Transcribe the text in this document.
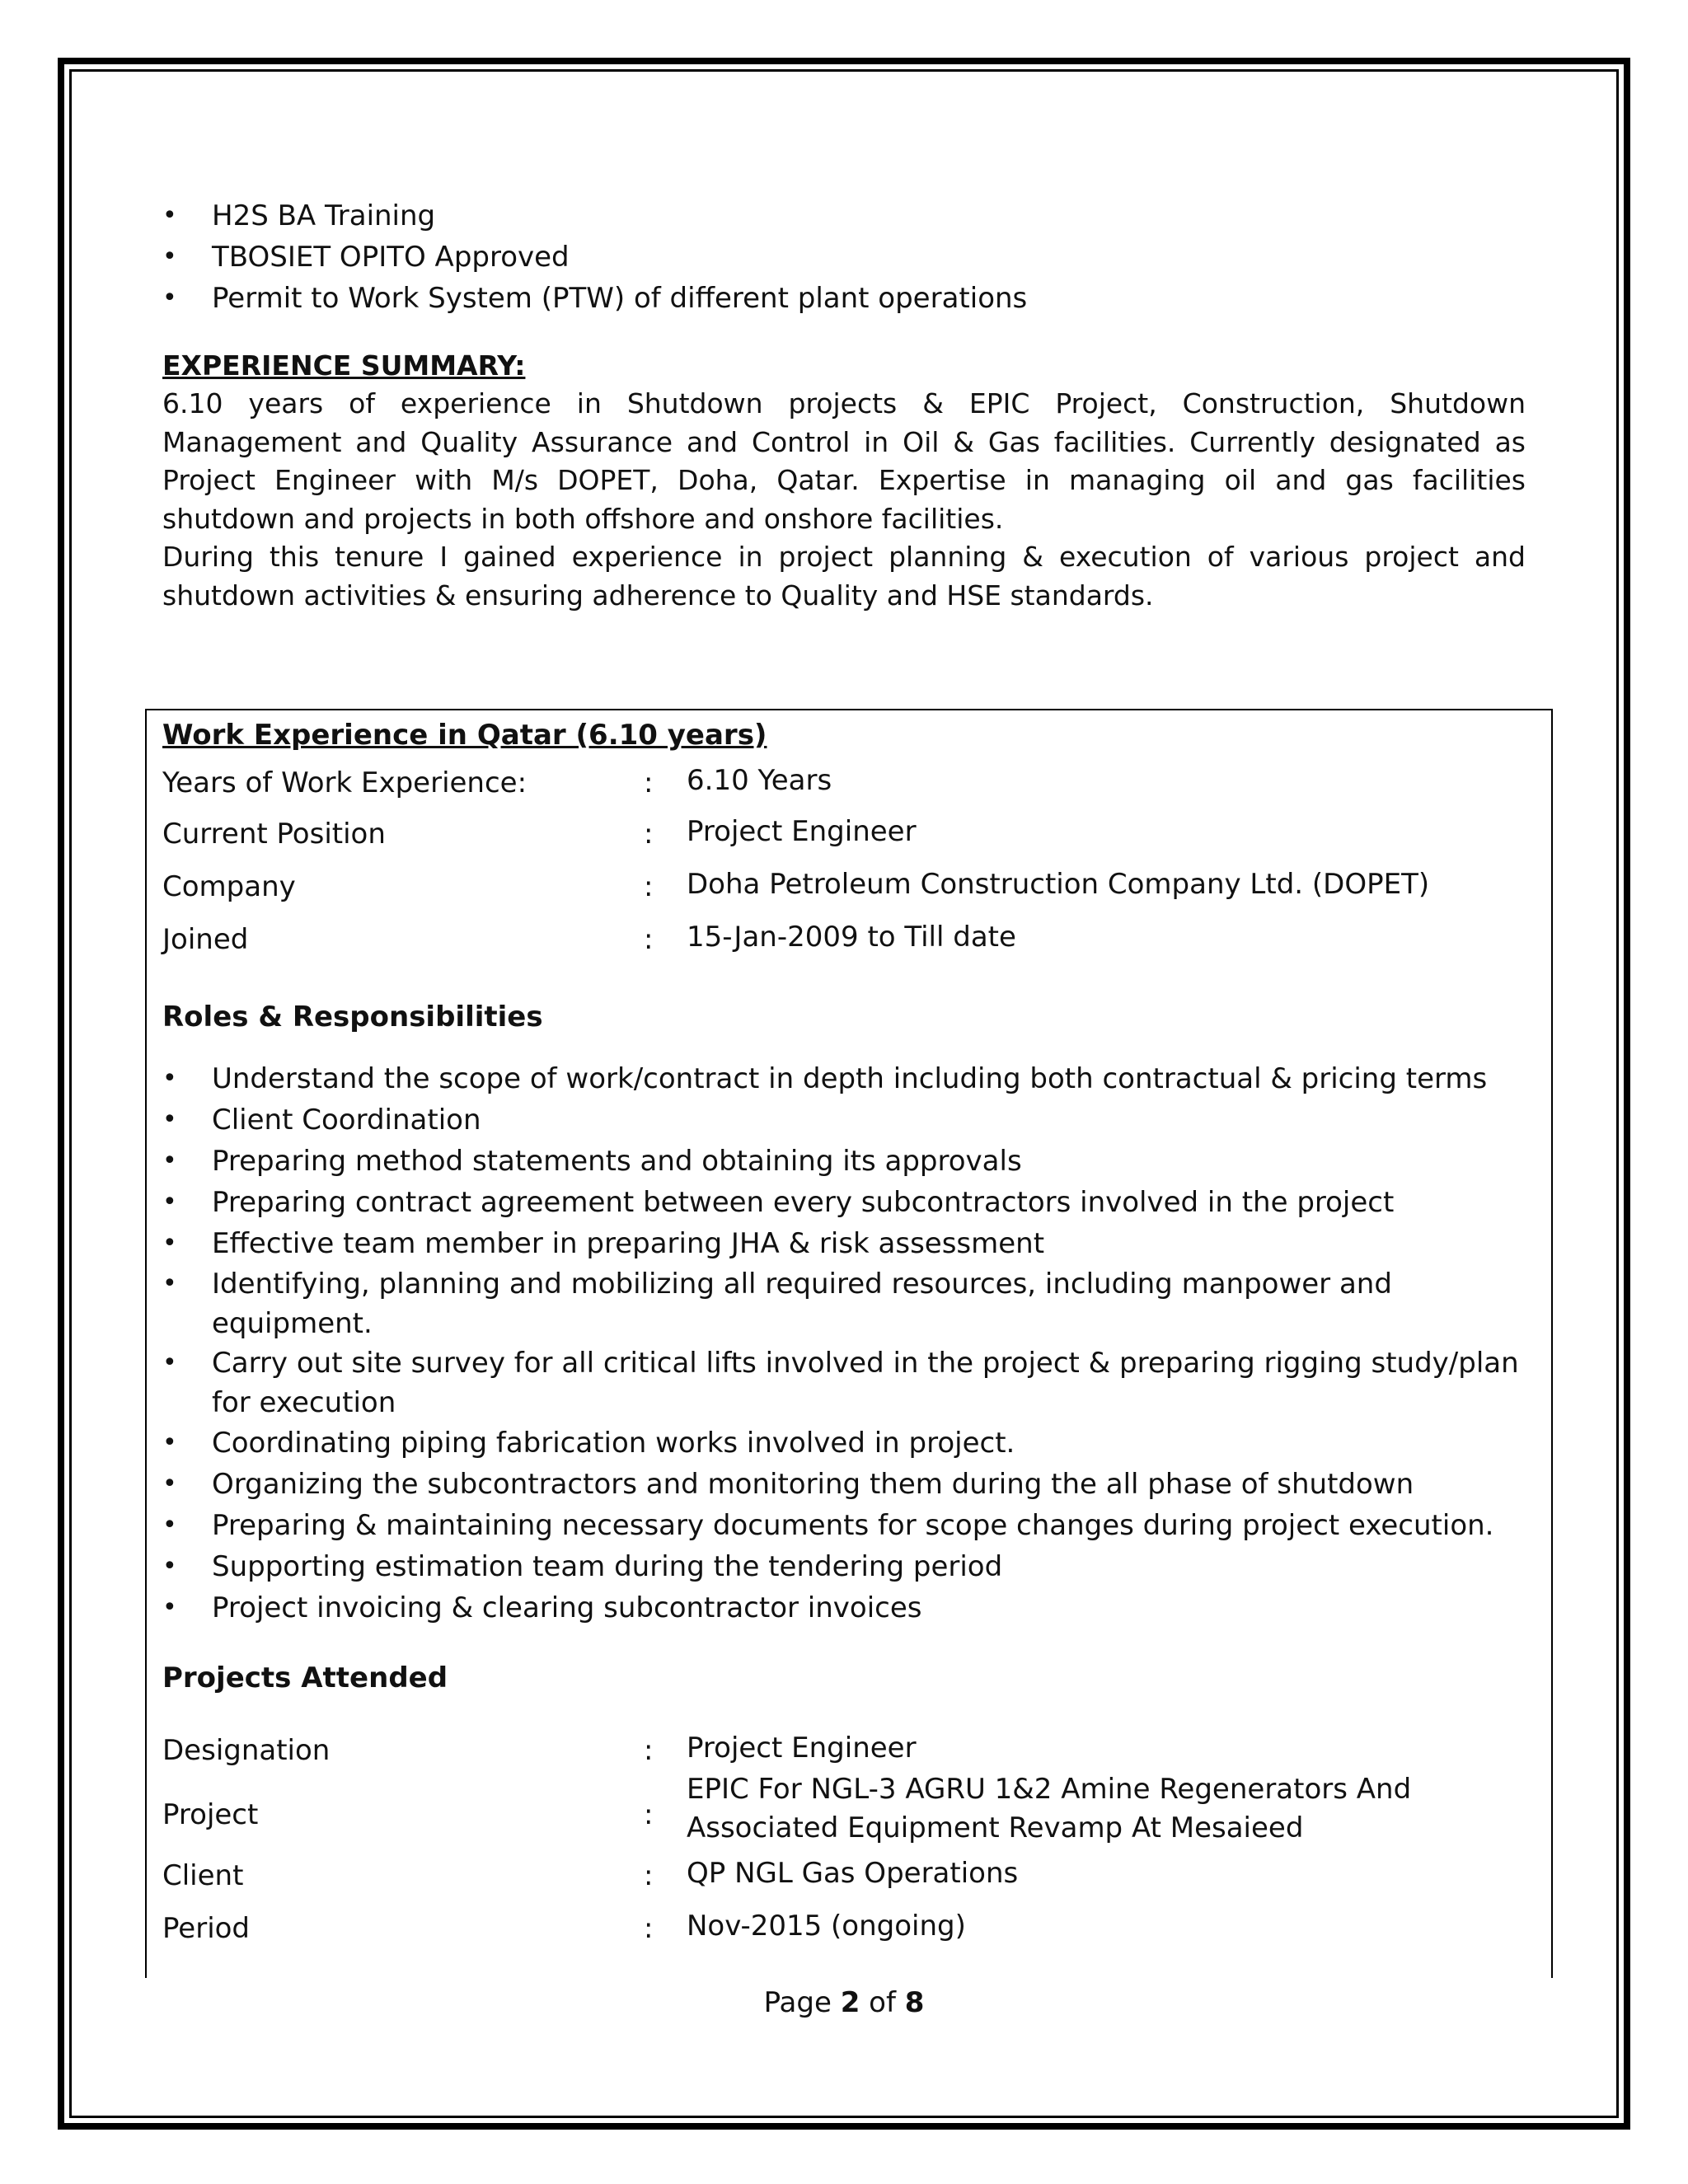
• H2S BA Training
• TBOSIET OPITO Approved
• Permit to Work System (PTW) of different plant operations
EXPERIENCE SUMMARY:

6.10 years of experience in Shutdown projects & EPIC Project, Construction, Shutdown Management and Quality Assurance and Control in Oil & Gas facilities. Currently designated as Project Engineer with M/s DOPET, Doha, Qatar. Expertise in managing oil and gas facilities shutdown and projects in both offshore and onshore facilities.

During this tenure I gained experience in project planning & execution of various project and shutdown activities & ensuring adherence to Quality and HSE standards.

Work Experience in Qatar (6.10 years)
Years of Work Experience:	: 6.10 Years
Current Position	: Project Engineer
Company	: Doha Petroleum Construction Company Ltd. (DOPET)
Joined	: 15-Jan-2009 to Till date
Roles & Responsibilities
• Understand the scope of work/contract in depth including both contractual & pricing terms
• Client Coordination
• Preparing method statements and obtaining its approvals
• Preparing contract agreement between every subcontractors involved in the project
• Effective team member in preparing JHA & risk assessment
• Identifying, planning and mobilizing all required resources, including manpower and equipment.
• Carry out site survey for all critical lifts involved in the project & preparing rigging study/plan for execution
• Coordinating piping fabrication works involved in project.
• Organizing the subcontractors and monitoring them during the all phase of shutdown
• Preparing & maintaining necessary documents for scope changes during project execution.
• Supporting estimation team during the tendering period
• Project invoicing & clearing subcontractor invoices
Projects Attended
Designation	: Project Engineer
Project	:
EPIC For NGL-3 AGRU 1&2 Amine Regenerators And
Associated Equipment Revamp At Mesaieed
Client	: QP NGL Gas Operations
Period	: Nov-2015 (ongoing)
Page 2 of 8
